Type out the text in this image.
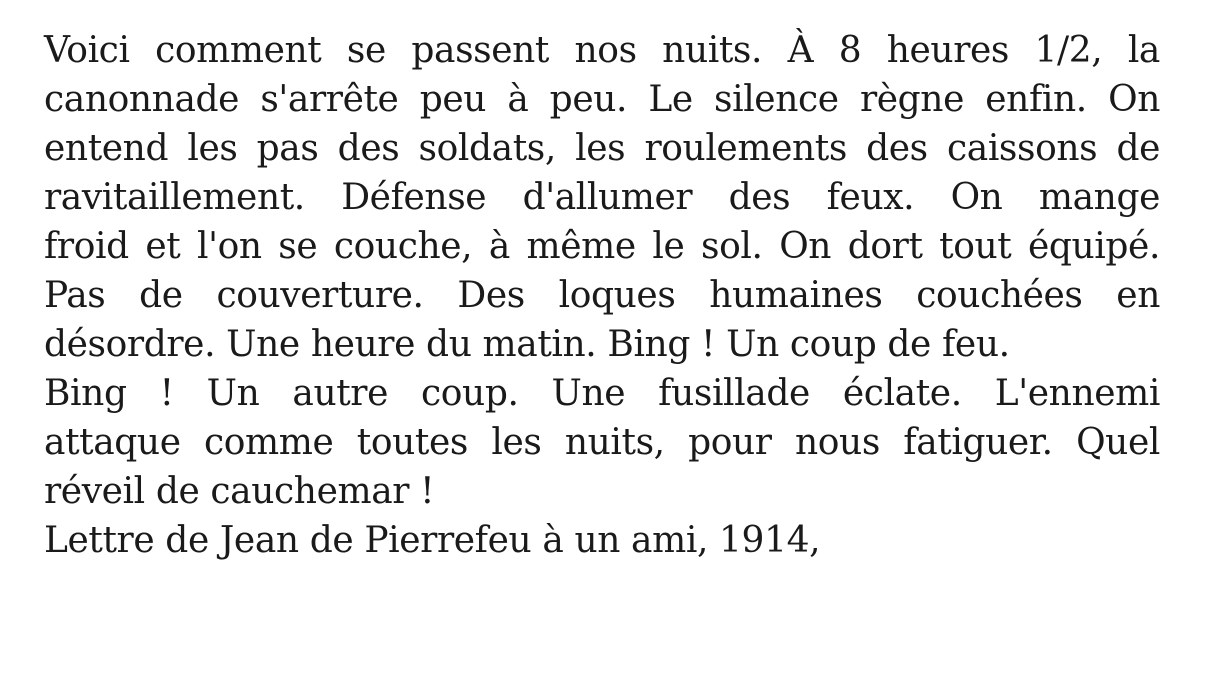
Voici comment se passent nos nuits. À 8 heures 1/2, la
canonnade s'arrête peu à peu. Le silence règne enfin. On
entend les pas des soldats, les roulements des caissons de
ravitaillement. Défense d'allumer des feux. On mange
froid et l'on se couche, à même le sol. On dort tout équipé.
Pas de couverture. Des loques humaines couchées en
désordre. Une heure du matin. Bing ! Un coup de feu.

Bing ! Un autre coup. Une fusillade éclate. L'ennemi
attaque comme toutes les nuits, pour nous fatiguer. Quel
réveil de cauchemar !

Lettre de Jean de Pierrefeu à un ami, 1914,
